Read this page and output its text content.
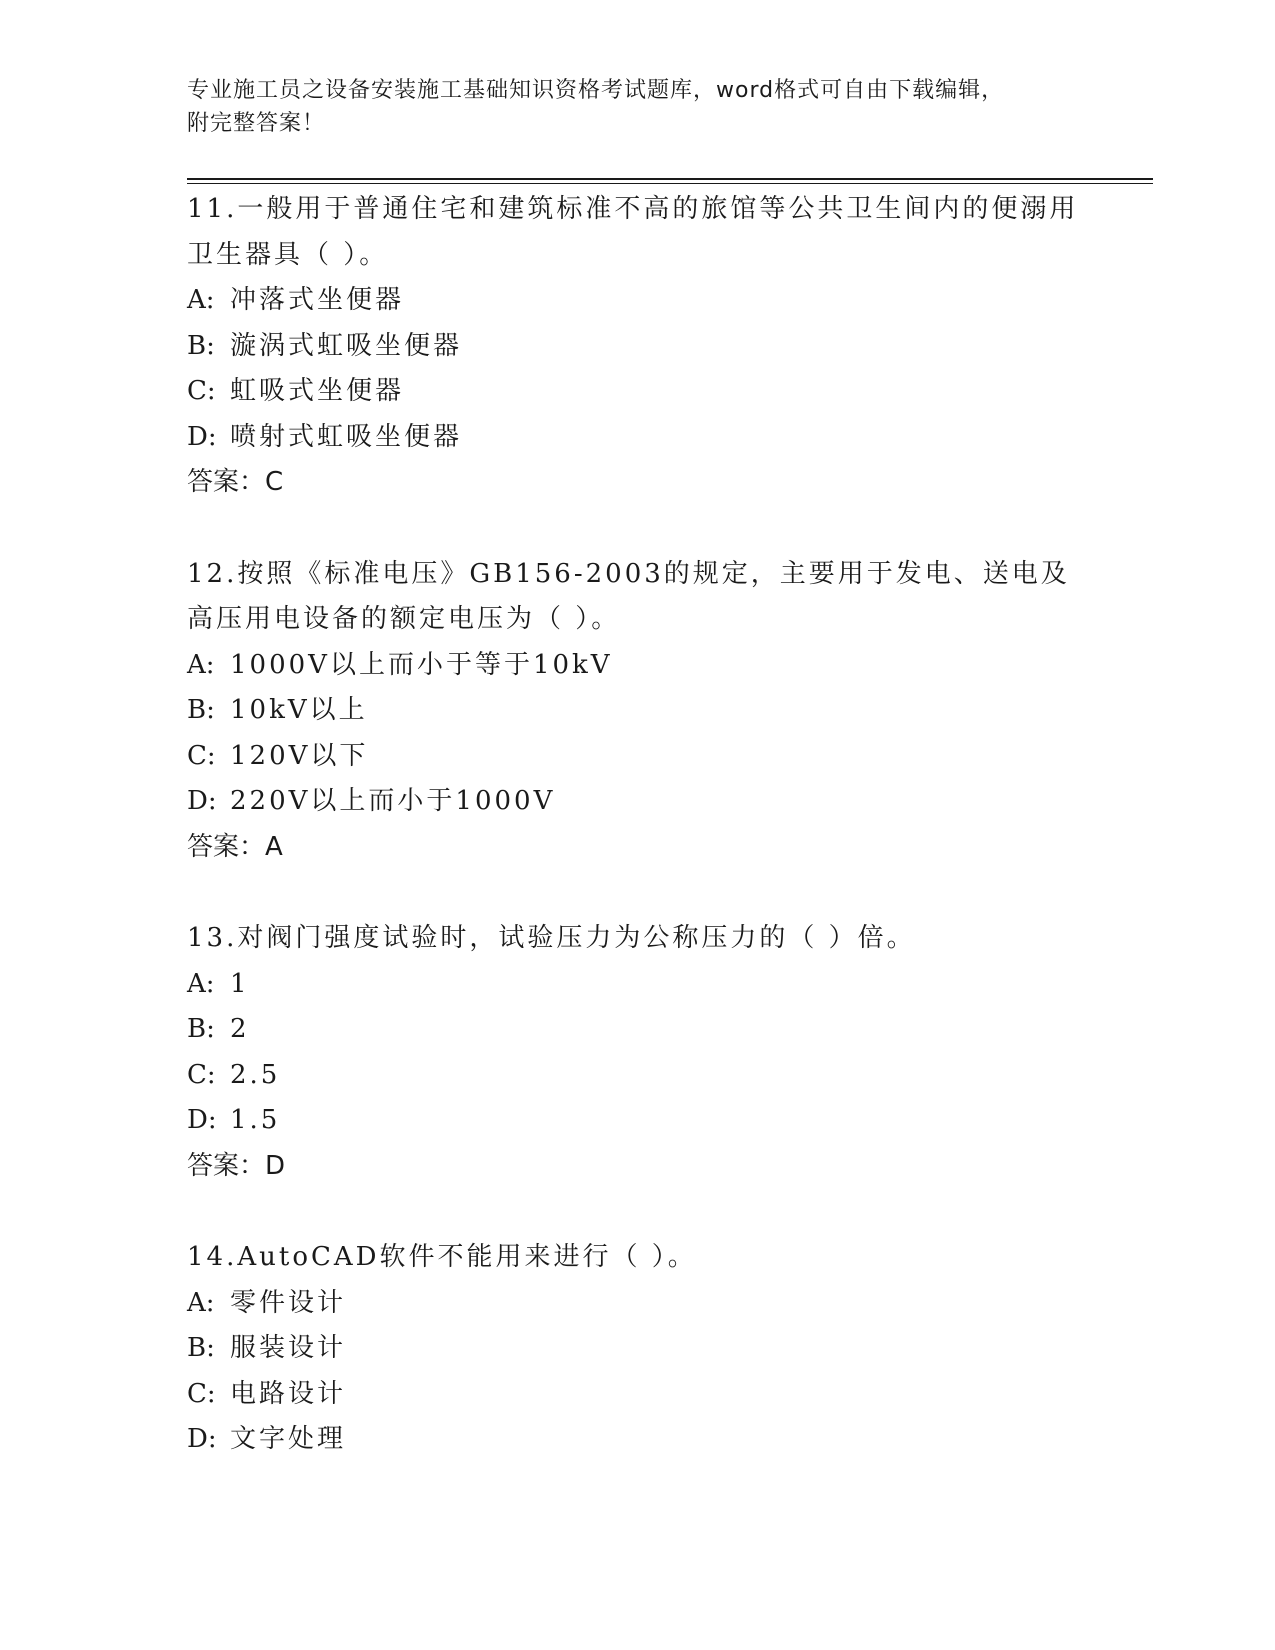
专业施工员之设备安装施工基础知识资格考试题库，word格式可自由下载编辑，
附完整答案！

11.一般用于普通住宅和建筑标准不高的旅馆等公共卫生间内的便溺用卫生器具（ ）。

A: 冲落式坐便器

B: 漩涡式虹吸坐便器

C: 虹吸式坐便器

D: 喷射式虹吸坐便器

答案：C

12.按照《标准电压》GB156-2003的规定，主要用于发电、送电及高压用电设备的额定电压为（ ）。

A: 1000V以上而小于等于10kV

B: 10kV以上

C: 120V以下

D: 220V以上而小于1000V

答案：A

13.对阀门强度试验时，试验压力为公称压力的（ ）倍。

A: 1

B: 2

C: 2.5

D: 1.5

答案：D

14.AutoCAD软件不能用来进行（ ）。

A: 零件设计

B: 服装设计

C: 电路设计

D: 文字处理
